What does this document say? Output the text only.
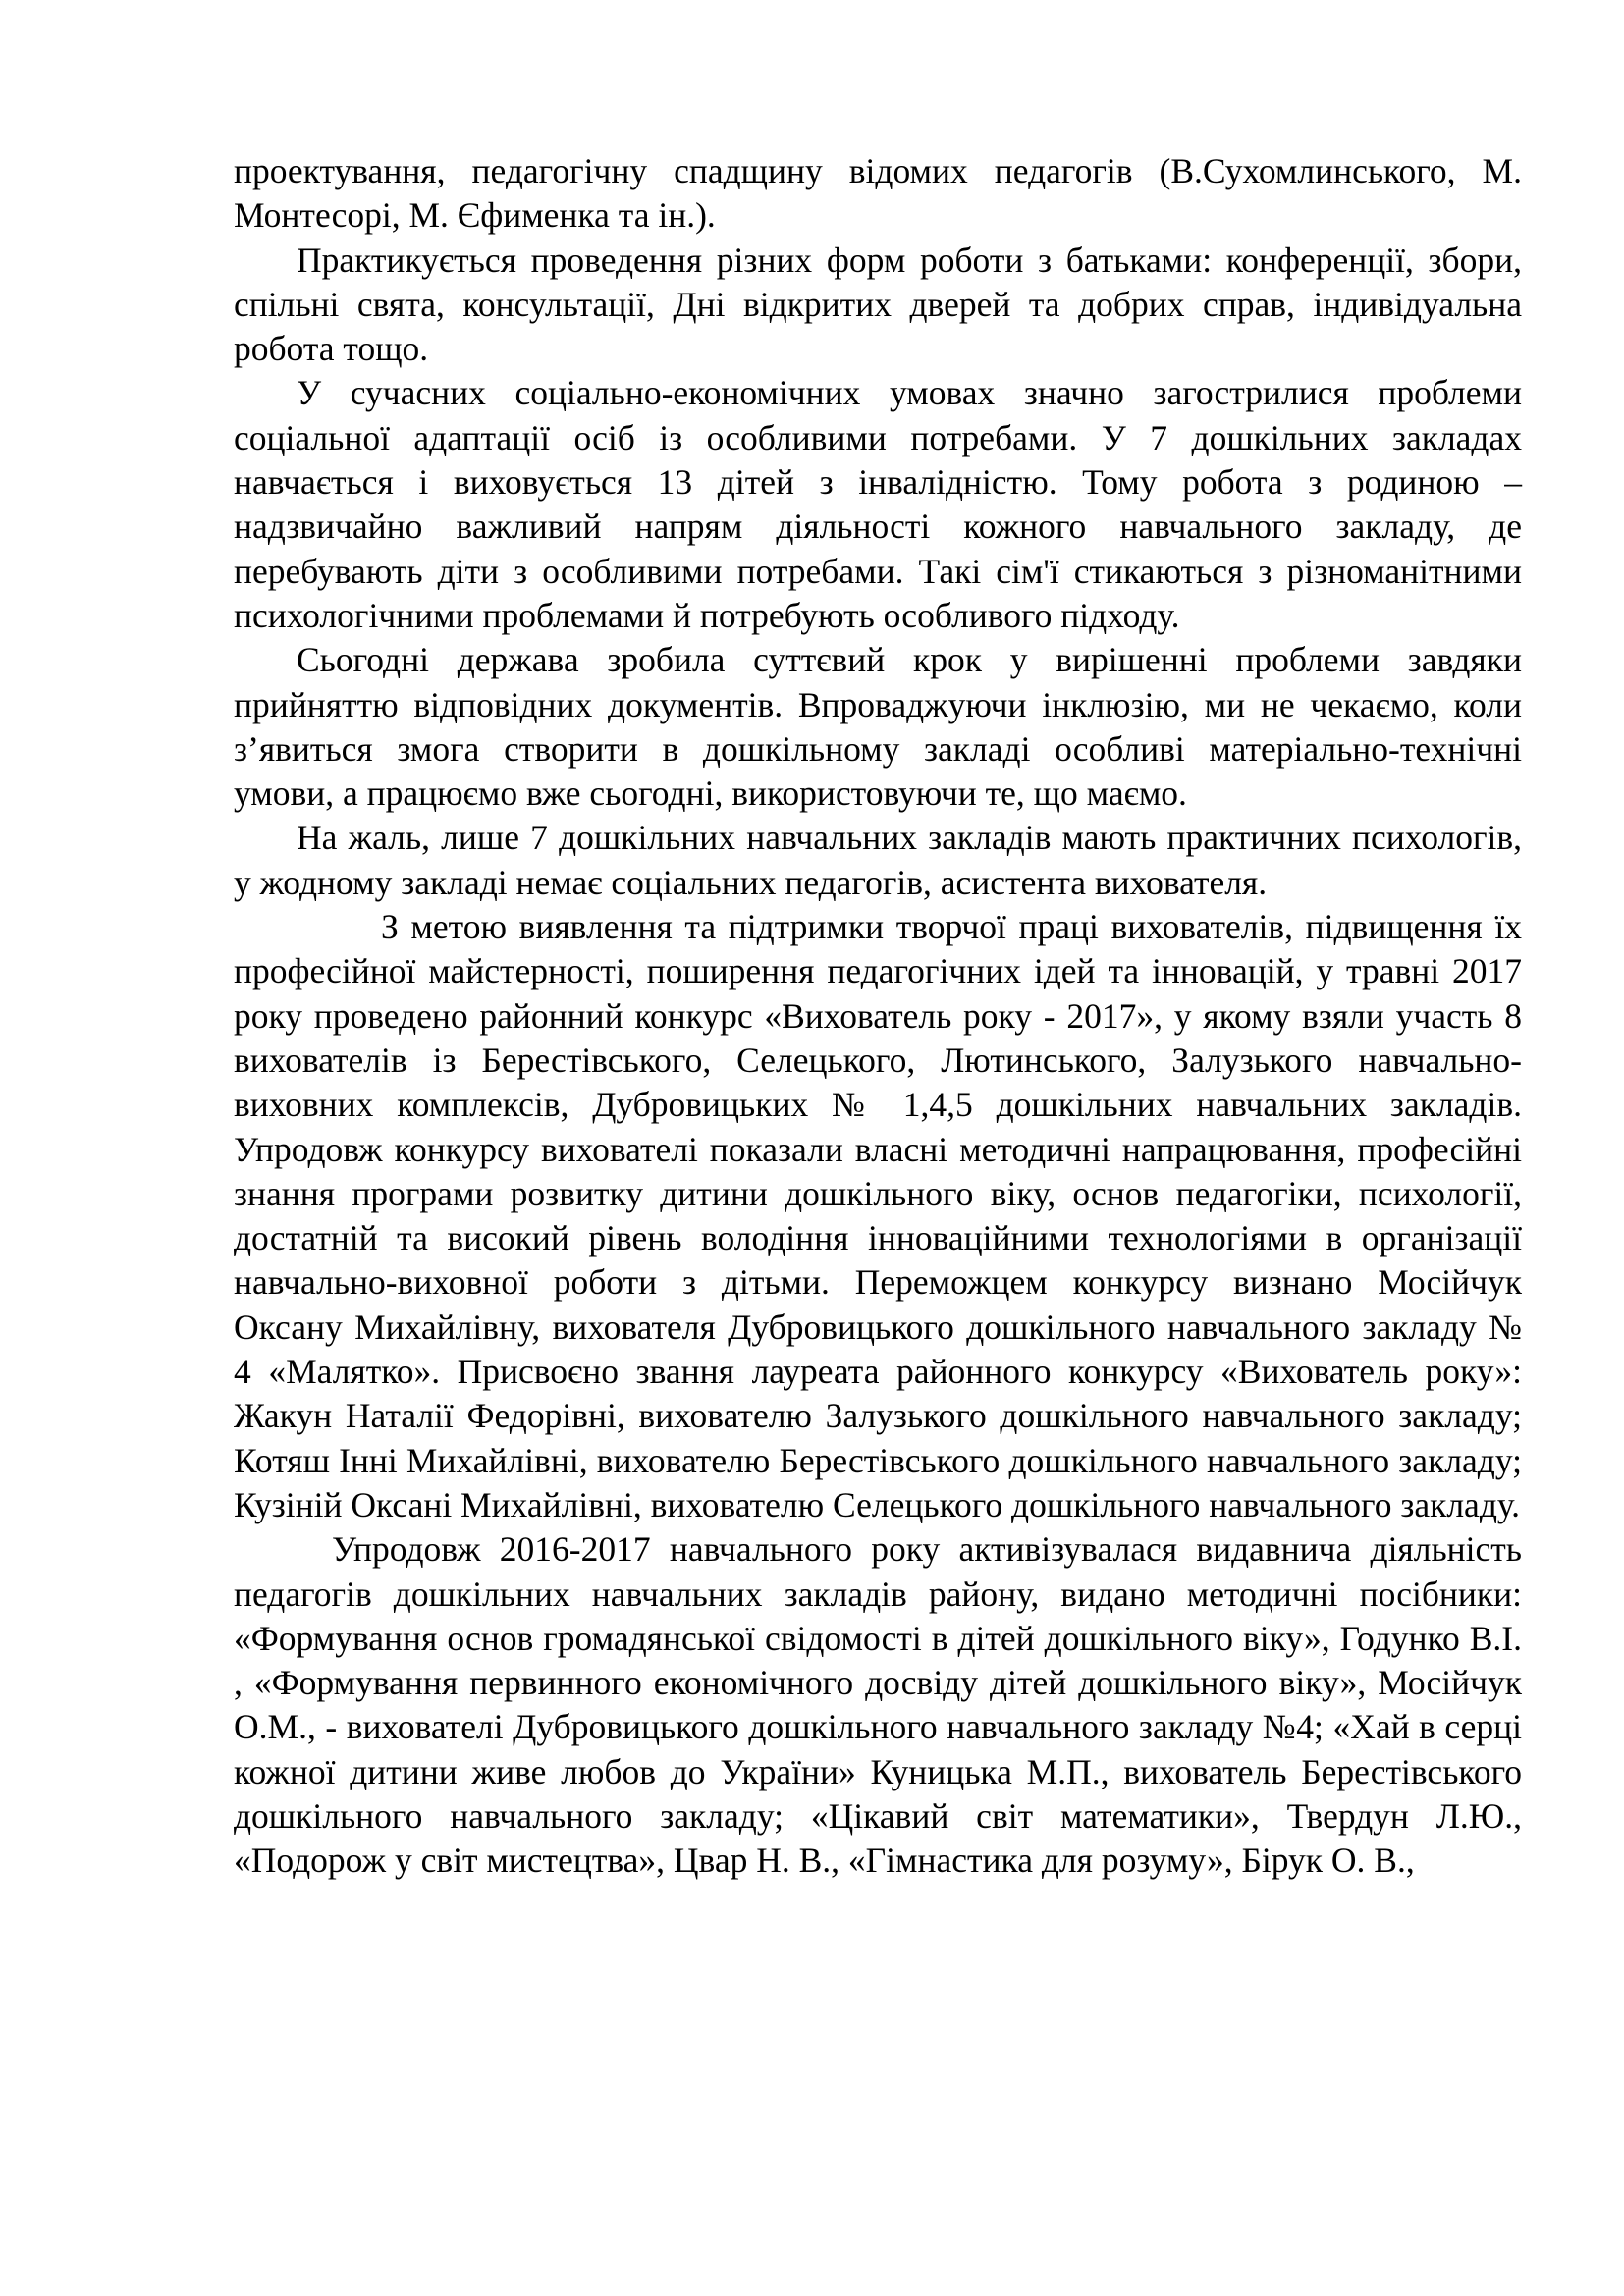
проектування, педагогічну спадщину відомих педагогів (В.Сухомлинського, М. Монтесорі, М. Єфименка та ін.).

Практикується проведення різних форм роботи з батьками: конференції, збори, спільні свята, консультації, Дні відкритих дверей та добрих справ, індивідуальна робота тощо.

У сучасних соціально-економічних умовах значно загострилися проблеми соціальної адаптації осіб із особливими потребами. У 7 дошкільних закладах навчається і виховується 13 дітей з інвалідністю. Тому робота з родиною – надзвичайно важливий напрям діяльності кожного навчального закладу, де перебувають діти з особливими потребами. Такі сім'ї стикаються з різноманітними психологічними проблемами й потребують особливого підходу.

Сьогодні держава зробила суттєвий крок у вирішенні проблеми завдяки прийняттю відповідних документів. Впроваджуючи інклюзію, ми не чекаємо, коли з’явиться змога створити в дошкільному закладі особливі матеріально-технічні умови, а працюємо вже сьогодні, використовуючи те, що маємо.

На жаль, лише 7 дошкільних навчальних закладів мають практичних психологів, у жодному закладі немає соціальних педагогів, асистента вихователя.

З метою виявлення та підтримки творчої праці вихователів, підвищення їх професійної майстерності, поширення педагогічних ідей та інновацій, у травні 2017 року проведено районний конкурс «Вихователь року - 2017», у якому взяли участь 8 вихователів із Берестівського, Селецького, Лютинського, Залузького навчально-виховних комплексів, Дубровицьких № 1,4,5 дошкільних навчальних закладів. Упродовж конкурсу вихователі показали власні методичні напрацювання, професійні знання програми розвитку дитини дошкільного віку, основ педагогіки, психології, достатній та високий рівень володіння інноваційними технологіями в організації навчально-виховної роботи з дітьми. Переможцем конкурсу визнано Мосійчук Оксану Михайлівну, вихователя Дубровицького дошкільного навчального закладу № 4 «Малятко». Присвоєно звання лауреата районного конкурсу «Вихователь року»: Жакун Наталії Федорівні, вихователю Залузького дошкільного навчального закладу; Котяш Інні Михайлівні, вихователю Берестівського дошкільного навчального закладу; Кузіній Оксані Михайлівні, вихователю Селецького дошкільного навчального закладу.

Упродовж 2016-2017 навчального року активізувалася видавнича діяльність педагогів дошкільних навчальних закладів району, видано методичні посібники: «Формування основ громадянської свідомості в дітей дошкільного віку», Годунко В.І. , «Формування первинного економічного досвіду дітей дошкільного віку», Мосійчук О.М., - вихователі Дубровицького дошкільного навчального закладу №4; «Хай в серці кожної дитини живе любов до України» Куницька М.П., вихователь Берестівського дошкільного навчального закладу; «Цікавий світ математики», Твердун Л.Ю., «Подорож у світ мистецтва», Цвар Н. В., «Гімнастика для розуму», Бірук О. В.,
